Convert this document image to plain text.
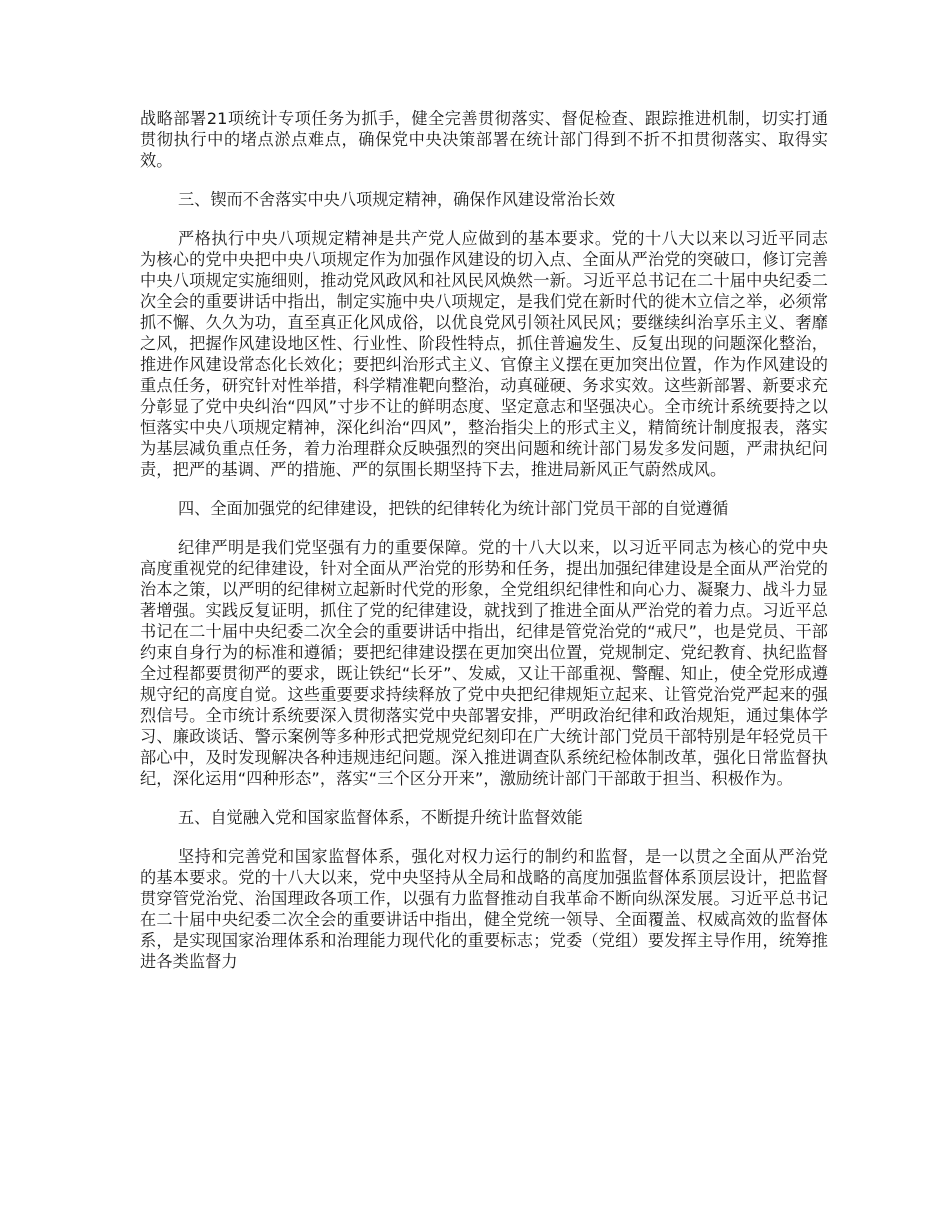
战略部署21项统计专项任务为抓手，健全完善贯彻落实、督促检查、跟踪推进机制，切实打通贯彻执行中的堵点淤点难点，确保党中央决策部署在统计部门得到不折不扣贯彻落实、取得实效。

三、锲而不舍落实中央八项规定精神，确保作风建设常治长效

严格执行中央八项规定精神是共产党人应做到的基本要求。党的十八大以来以习近平同志为核心的党中央把中央八项规定作为加强作风建设的切入点、全面从严治党的突破口，修订完善中央八项规定实施细则，推动党风政风和社风民风焕然一新。习近平总书记在二十届中央纪委二次全会的重要讲话中指出，制定实施中央八项规定，是我们党在新时代的徙木立信之举，必须常抓不懈、久久为功，直至真正化风成俗，以优良党风引领社风民风；要继续纠治享乐主义、奢靡之风，把握作风建设地区性、行业性、阶段性特点，抓住普遍发生、反复出现的问题深化整治，推进作风建设常态化长效化；要把纠治形式主义、官僚主义摆在更加突出位置，作为作风建设的重点任务，研究针对性举措，科学精准靶向整治，动真碰硬、务求实效。这些新部署、新要求充分彰显了党中央纠治“四风”寸步不让的鲜明态度、坚定意志和坚强决心。全市统计系统要持之以恒落实中央八项规定精神，深化纠治“四风”，整治指尖上的形式主义，精简统计制度报表，落实为基层减负重点任务，着力治理群众反映强烈的突出问题和统计部门易发多发问题，严肃执纪问责，把严的基调、严的措施、严的氛围长期坚持下去，推进局新风正气蔚然成风。

四、全面加强党的纪律建设，把铁的纪律转化为统计部门党员干部的自觉遵循

纪律严明是我们党坚强有力的重要保障。党的十八大以来，以习近平同志为核心的党中央高度重视党的纪律建设，针对全面从严治党的形势和任务，提出加强纪律建设是全面从严治党的治本之策，以严明的纪律树立起新时代党的形象，全党组织纪律性和向心力、凝聚力、战斗力显著增强。实践反复证明，抓住了党的纪律建设，就找到了推进全面从严治党的着力点。习近平总书记在二十届中央纪委二次全会的重要讲话中指出，纪律是管党治党的“戒尺”，也是党员、干部约束自身行为的标准和遵循；要把纪律建设摆在更加突出位置，党规制定、党纪教育、执纪监督全过程都要贯彻严的要求，既让铁纪“长牙”、发威，又让干部重视、警醒、知止，使全党形成遵规守纪的高度自觉。这些重要要求持续释放了党中央把纪律规矩立起来、让管党治党严起来的强烈信号。全市统计系统要深入贯彻落实党中央部署安排，严明政治纪律和政治规矩，通过集体学习、廉政谈话、警示案例等多种形式把党规党纪刻印在广大统计部门党员干部特别是年轻党员干部心中，及时发现解决各种违规违纪问题。深入推进调查队系统纪检体制改革，强化日常监督执纪，深化运用“四种形态”，落实“三个区分开来”，激励统计部门干部敢于担当、积极作为。

五、自觉融入党和国家监督体系，不断提升统计监督效能

坚持和完善党和国家监督体系，强化对权力运行的制约和监督，是一以贯之全面从严治党的基本要求。党的十八大以来，党中央坚持从全局和战略的高度加强监督体系顶层设计，把监督贯穿管党治党、治国理政各项工作，以强有力监督推动自我革命不断向纵深发展。习近平总书记在二十届中央纪委二次全会的重要讲话中指出，健全党统一领导、全面覆盖、权威高效的监督体系，是实现国家治理体系和治理能力现代化的重要标志；党委（党组）要发挥主导作用，统筹推进各类监督力
